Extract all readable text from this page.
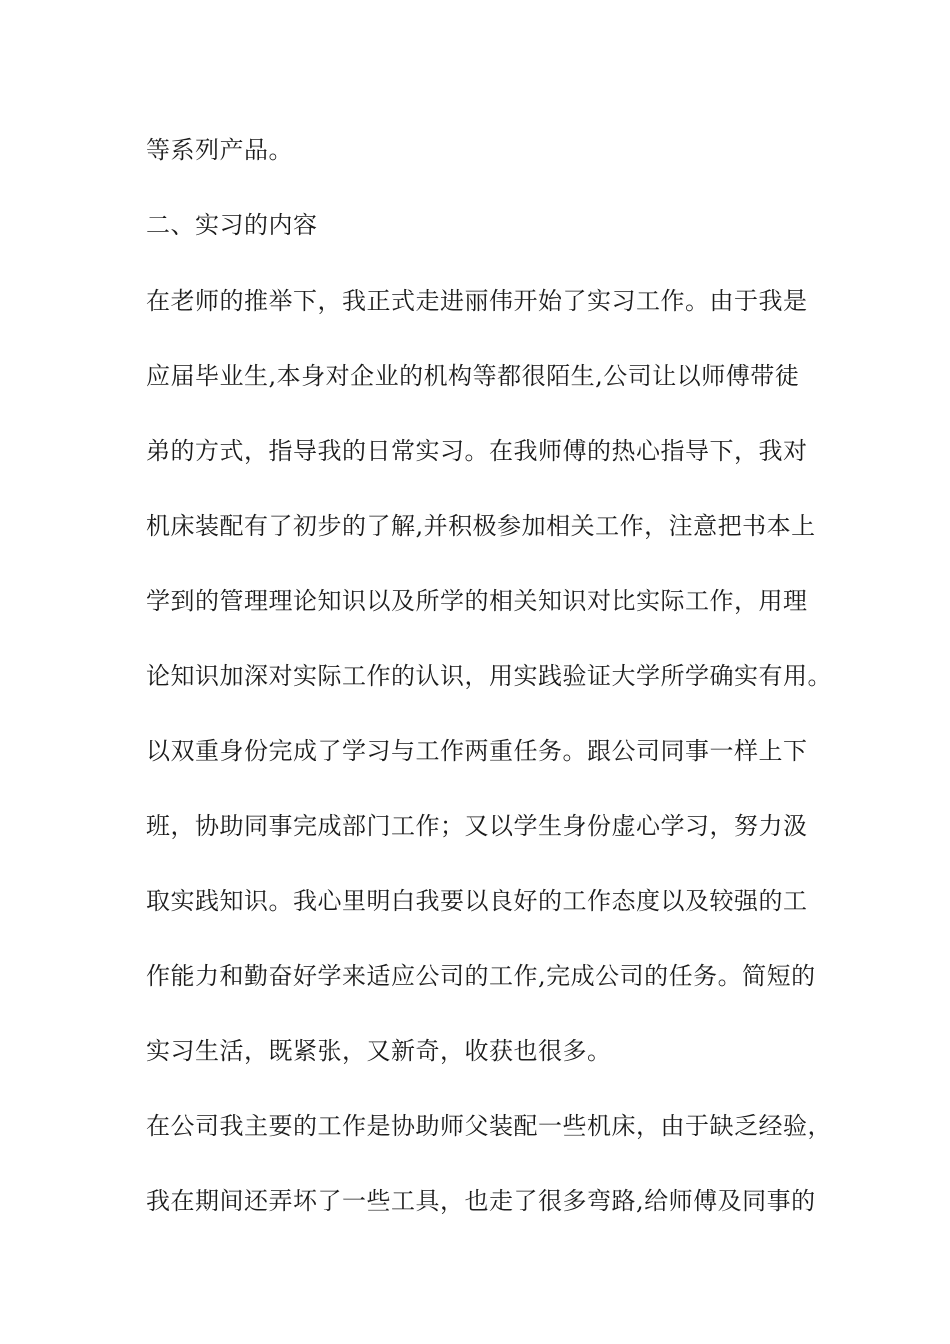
等系列产品。
二、实习的内容
在老师的推举下，我正式走进丽伟开始了实习工作。由于我是
应届毕业生,本身对企业的机构等都很陌生,公司让以师傅带徒
弟的方式，指导我的日常实习。在我师傅的热心指导下，我对
机床装配有了初步的了解,并积极参加相关工作，注意把书本上
学到的管理理论知识以及所学的相关知识对比实际工作，用理
论知识加深对实际工作的认识，用实践验证大学所学确实有用。
以双重身份完成了学习与工作两重任务。跟公司同事一样上下
班，协助同事完成部门工作；又以学生身份虚心学习，努力汲
取实践知识。我心里明白我要以良好的工作态度以及较强的工
作能力和勤奋好学来适应公司的工作,完成公司的任务。简短的
实习生活，既紧张，又新奇，收获也很多。
在公司我主要的工作是协助师父装配一些机床，由于缺乏经验，
我在期间还弄坏了一些工具，也走了很多弯路,给师傅及同事的
